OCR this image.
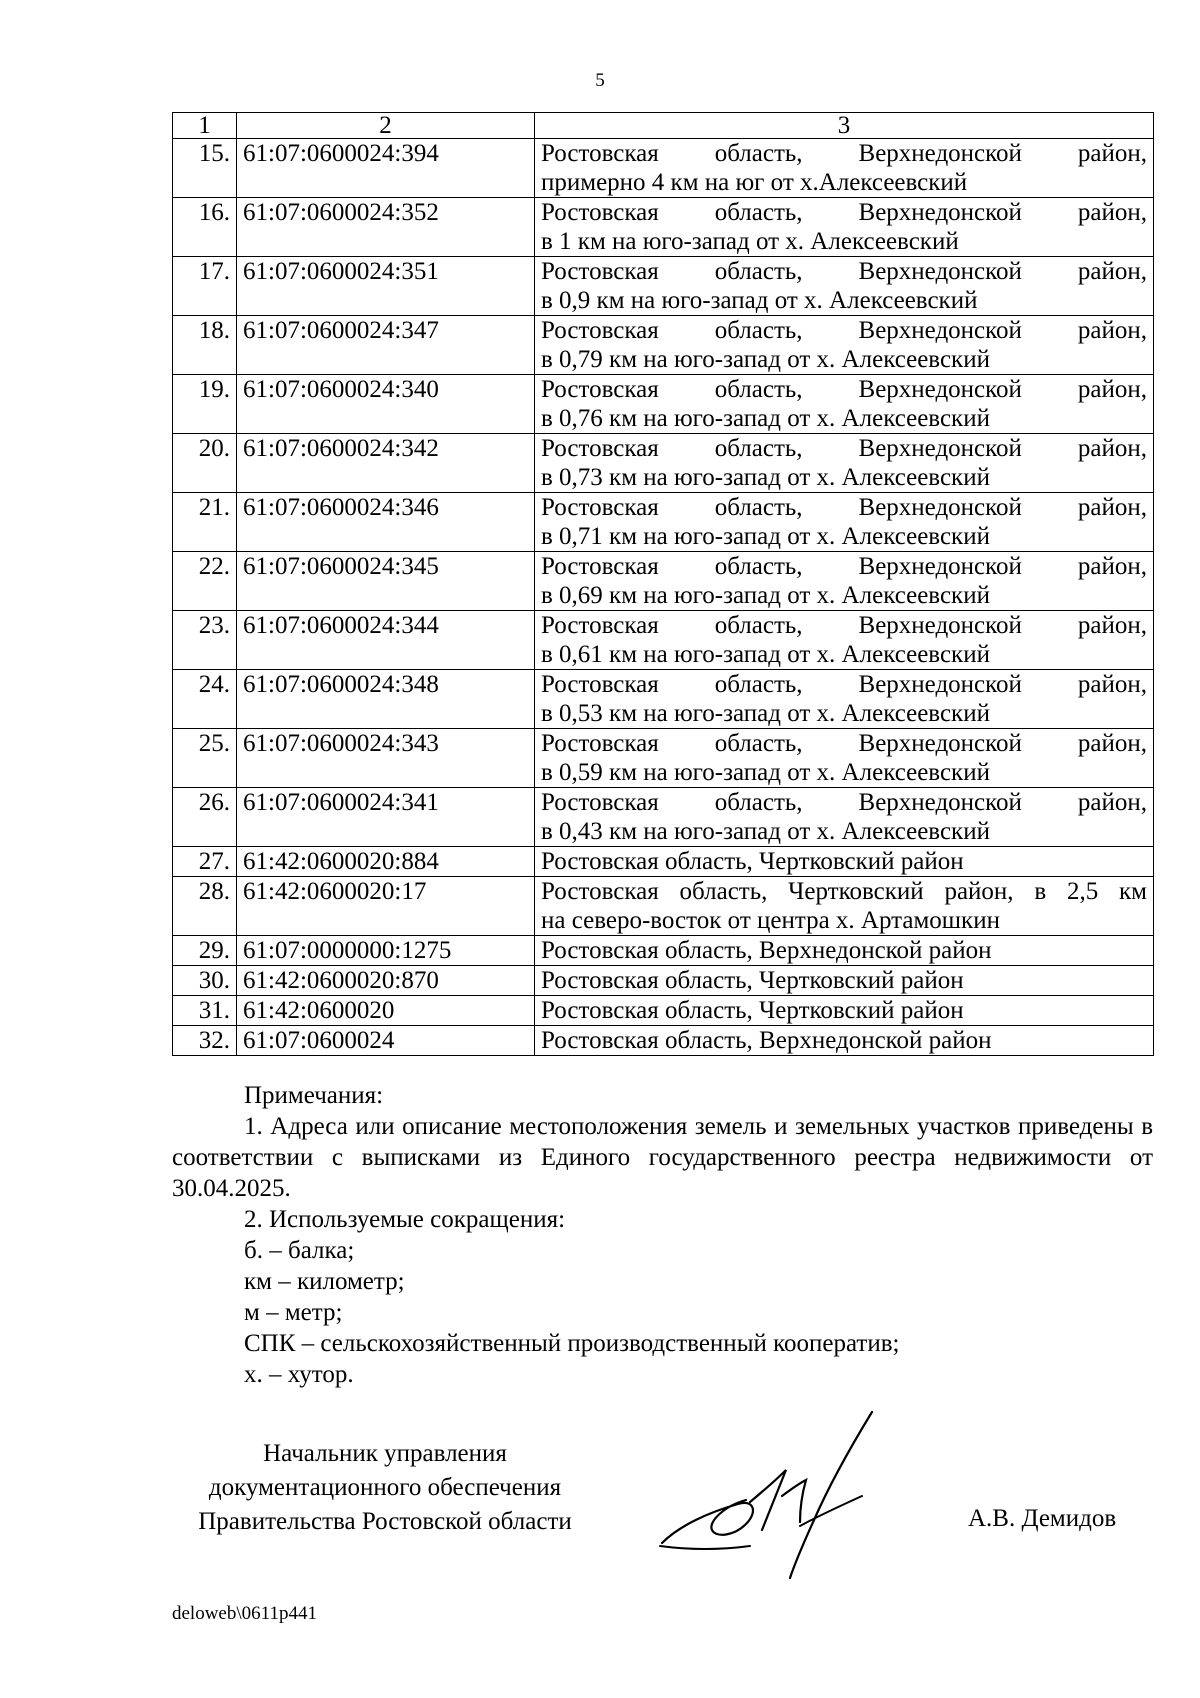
5
1	2	3
15.	61:07:0600024:394	Ростовская область, Верхнедонской район,
примерно 4 км на юг от х.Алексеевский

16.	61:07:0600024:352	Ростовская область, Верхнедонской район,
в 1 км на юго-запад от х. Алексеевский

17.	61:07:0600024:351	Ростовская область, Верхнедонской район,
в 0,9 км на юго-запад от х. Алексеевский

18.	61:07:0600024:347	Ростовская область, Верхнедонской район,
в 0,79 км на юго-запад от х. Алексеевский

19.	61:07:0600024:340	Ростовская область, Верхнедонской район,
в 0,76 км на юго-запад от х. Алексеевский

20.	61:07:0600024:342	Ростовская область, Верхнедонской район,
в 0,73 км на юго-запад от х. Алексеевский

21.	61:07:0600024:346	Ростовская область, Верхнедонской район,
в 0,71 км на юго-запад от х. Алексеевский

22.	61:07:0600024:345	Ростовская область, Верхнедонской район,
в 0,69 км на юго-запад от х. Алексеевский

23.	61:07:0600024:344	Ростовская область, Верхнедонской район,
в 0,61 км на юго-запад от х. Алексеевский

24.	61:07:0600024:348	Ростовская область, Верхнедонской район,
в 0,53 км на юго-запад от х. Алексеевский

25.	61:07:0600024:343	Ростовская область, Верхнедонской район,
в 0,59 км на юго-запад от х. Алексеевский

26.	61:07:0600024:341	Ростовская область, Верхнедонской район,
в 0,43 км на юго-запад от х. Алексеевский

27.	61:42:0600020:884	Ростовская область, Чертковский район

28.	61:42:0600020:17	Ростовская область, Чертковский район, в 2,5 км
на северо-восток от центра х. Артамошкин

29.	61:07:0000000:1275	Ростовская область, Верхнедонской район

30.	61:42:0600020:870	Ростовская область, Чертковский район

31.	61:42:0600020	Ростовская область, Чертковский район

32.	61:07:0600024	Ростовская область, Верхнедонской район
Примечания:
1. Адреса или описание местоположения земель и земельных участков приведены в соответствии с выписками из Единого государственного реестра недвижимости от 30.04.2025.
2. Используемые сокращения:
б. – балка;
км – километр;
м – метр;
СПК – сельскохозяйственный производственный кооператив;
х. – хутор.
Начальник управления
документационного обеспечения
Правительства Ростовской области	А.В. Демидов
deloweb\0611p441
